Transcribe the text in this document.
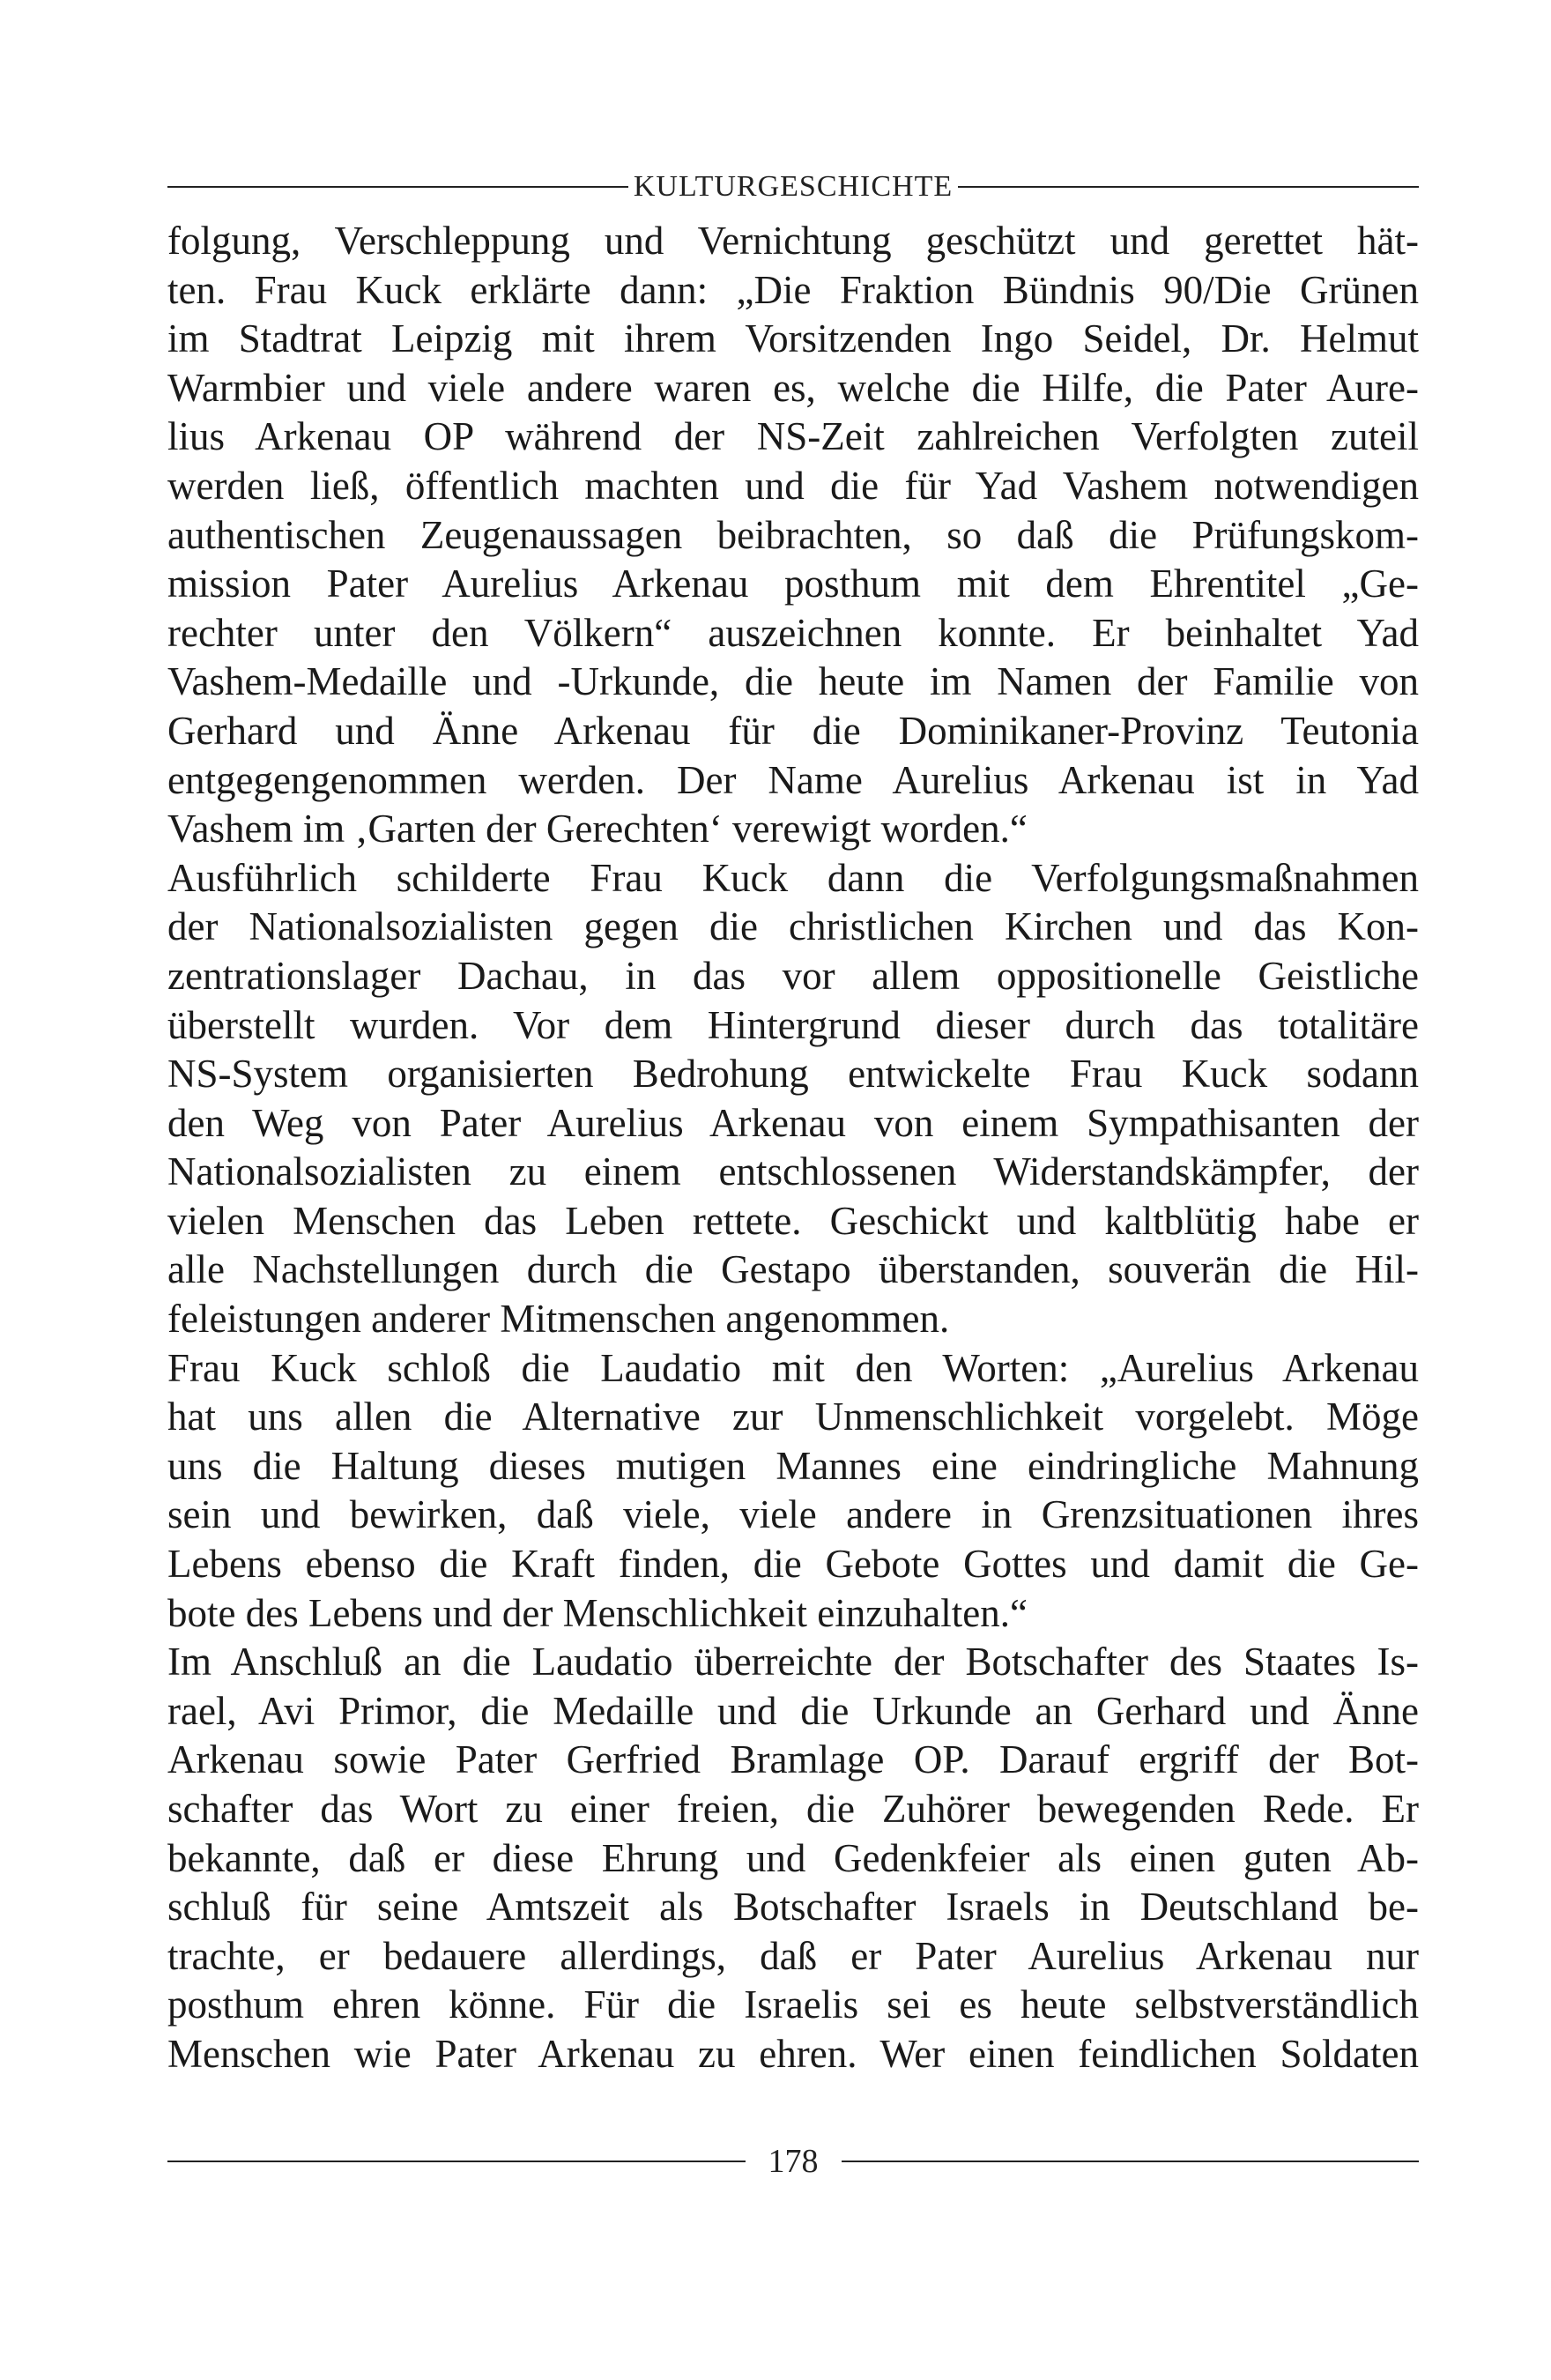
KULTURGESCHICHTE
folgung, Verschleppung und Vernichtung geschützt und gerettet hät-
ten. Frau Kuck erklärte dann: „Die Fraktion Bündnis 90/Die Grünen
im Stadtrat Leipzig mit ihrem Vorsitzenden Ingo Seidel, Dr. Helmut
Warmbier und viele andere waren es, welche die Hilfe, die Pater Aure-
lius Arkenau OP während der NS-Zeit zahlreichen Verfolgten zuteil
werden ließ, öffentlich machten und die für Yad Vashem notwendigen
authentischen Zeugenaussagen beibrachten, so daß die Prüfungskom-
mission Pater Aurelius Arkenau posthum mit dem Ehrentitel „Ge-
rechter unter den Völkern“ auszeichnen konnte. Er beinhaltet Yad
Vashem-Medaille und -Urkunde, die heute im Namen der Familie von
Gerhard und Änne Arkenau für die Dominikaner-Provinz Teutonia
entgegengenommen werden. Der Name Aurelius Arkenau ist in Yad
Vashem im ‚Garten der Gerechten‘ verewigt worden.“
Ausführlich schilderte Frau Kuck dann die Verfolgungsmaßnahmen
der Nationalsozialisten gegen die christlichen Kirchen und das Kon-
zentrationslager Dachau, in das vor allem oppositionelle Geistliche
überstellt wurden. Vor dem Hintergrund dieser durch das totalitäre
NS-System organisierten Bedrohung entwickelte Frau Kuck sodann
den Weg von Pater Aurelius Arkenau von einem Sympathisanten der
Nationalsozialisten zu einem entschlossenen Widerstandskämpfer, der
vielen Menschen das Leben rettete. Geschickt und kaltblütig habe er
alle Nachstellungen durch die Gestapo überstanden, souverän die Hil-
feleistungen anderer Mitmenschen angenommen.
Frau Kuck schloß die Laudatio mit den Worten: „Aurelius Arkenau
hat uns allen die Alternative zur Unmenschlichkeit vorgelebt. Möge
uns die Haltung dieses mutigen Mannes eine eindringliche Mahnung
sein und bewirken, daß viele, viele andere in Grenzsituationen ihres
Lebens ebenso die Kraft finden, die Gebote Gottes und damit die Ge-
bote des Lebens und der Menschlichkeit einzuhalten.“
Im Anschluß an die Laudatio überreichte der Botschafter des Staates Is-
rael, Avi Primor, die Medaille und die Urkunde an Gerhard und Änne
Arkenau sowie Pater Gerfried Bramlage OP. Darauf ergriff der Bot-
schafter das Wort zu einer freien, die Zuhörer bewegenden Rede. Er
bekannte, daß er diese Ehrung und Gedenkfeier als einen guten Ab-
schluß für seine Amtszeit als Botschafter Israels in Deutschland be-
trachte, er bedauere allerdings, daß er Pater Aurelius Arkenau nur
posthum ehren könne. Für die Israelis sei es heute selbstverständlich
Menschen wie Pater Arkenau zu ehren. Wer einen feindlichen Soldaten
178
